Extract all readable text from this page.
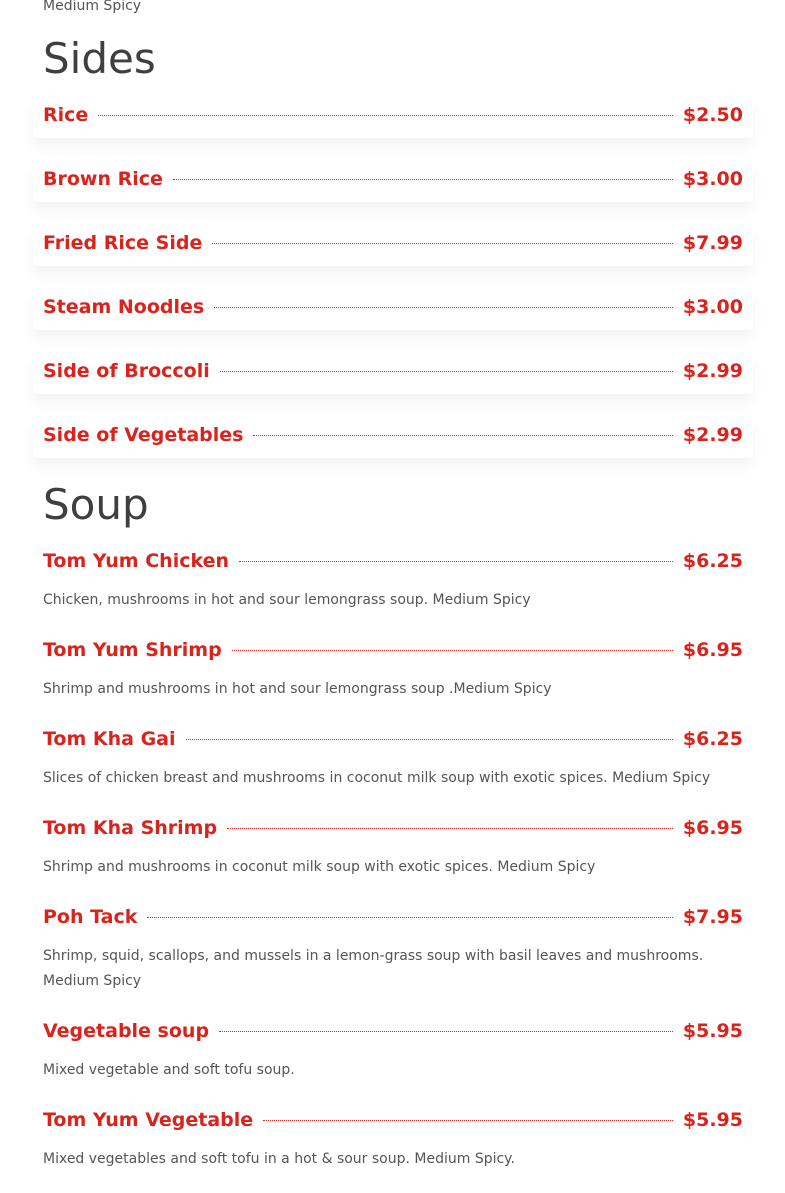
Medium Spicy
Sides
Rice	$2.50
Brown Rice	$3.00
Fried Rice Side	$7.99
Steam Noodles	$3.00
Side of Broccoli	$2.99
Side of Vegetables	$2.99
Soup
Tom Yum Chicken	$6.25
Chicken, mushrooms in hot and sour lemongrass soup. Medium Spicy
Tom Yum Shrimp	$6.95
Shrimp and mushrooms in hot and sour lemongrass soup .Medium Spicy
Tom Kha Gai	$6.25
Slices of chicken breast and mushrooms in coconut milk soup with exotic spices. Medium Spicy
Tom Kha Shrimp	$6.95
Shrimp and mushrooms in coconut milk soup with exotic spices. Medium Spicy
Poh Tack	$7.95
Shrimp, squid, scallops, and mussels in a lemon-grass soup with basil leaves and mushrooms. Medium Spicy
Vegetable soup	$5.95
Mixed vegetable and soft tofu soup.
Tom Yum Vegetable	$5.95
Mixed vegetables and soft tofu in a hot & sour soup. Medium Spicy.
